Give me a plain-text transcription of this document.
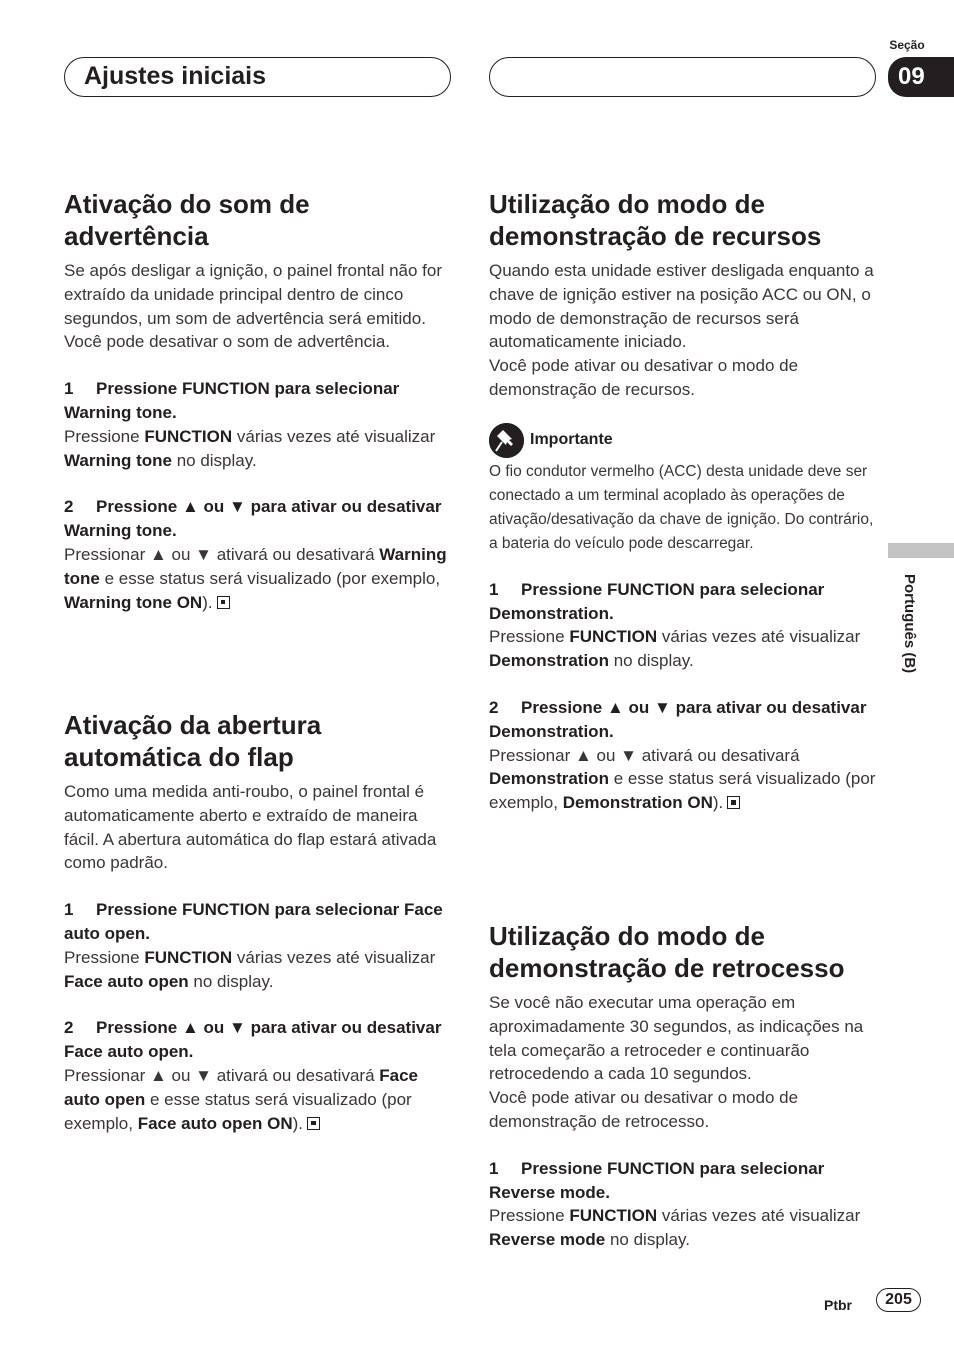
Ajustes iniciais
Seção
09
Português (B)
Ativação do som de advertência

Se após desligar a ignição, o painel frontal não for extraído da unidade principal dentro de cinco segundos, um som de advertência será emitido. Você pode desativar o som de advertência.

1 Pressione FUNCTION para selecionar Warning tone.
Pressione FUNCTION várias vezes até visualizar Warning tone no display.
2 Pressione ▲ ou ▼ para ativar ou desativar Warning tone.
Pressionar ▲ ou ▼ ativará ou desativará Warning tone e esse status será visualizado (por exemplo, Warning tone ON).
Ativação da abertura automática do flap

Como uma medida anti-roubo, o painel frontal é automaticamente aberto e extraído de maneira fácil. A abertura automática do flap estará ativada como padrão.

1 Pressione FUNCTION para selecionar Face auto open.
Pressione FUNCTION várias vezes até visualizar Face auto open no display.
2 Pressione ▲ ou ▼ para ativar ou desativar Face auto open.
Pressionar ▲ ou ▼ ativará ou desativará Face auto open e esse status será visualizado (por exemplo, Face auto open ON).
Utilização do modo de demonstração de recursos

Quando esta unidade estiver desligada enquanto a chave de ignição estiver na posição ACC ou ON, o modo de demonstração de recursos será automaticamente iniciado.

Você pode ativar ou desativar o modo de demonstração de recursos.

Importante

O fio condutor vermelho (ACC) desta unidade deve ser conectado a um terminal acoplado às operações de ativação/desativação da chave de ignição. Do contrário, a bateria do veículo pode descarregar.

1 Pressione FUNCTION para selecionar Demonstration.
Pressione FUNCTION várias vezes até visualizar Demonstration no display.
2 Pressione ▲ ou ▼ para ativar ou desativar Demonstration.
Pressionar ▲ ou ▼ ativará ou desativará Demonstration e esse status será visualizado (por exemplo, Demonstration ON).
Utilização do modo de demonstração de retrocesso

Se você não executar uma operação em aproximadamente 30 segundos, as indicações na tela começarão a retroceder e continuarão retrocedendo a cada 10 segundos.

Você pode ativar ou desativar o modo de demonstração de retrocesso.

1 Pressione FUNCTION para selecionar Reverse mode.
Pressione FUNCTION várias vezes até visualizar Reverse mode no display.
Ptbr	205
